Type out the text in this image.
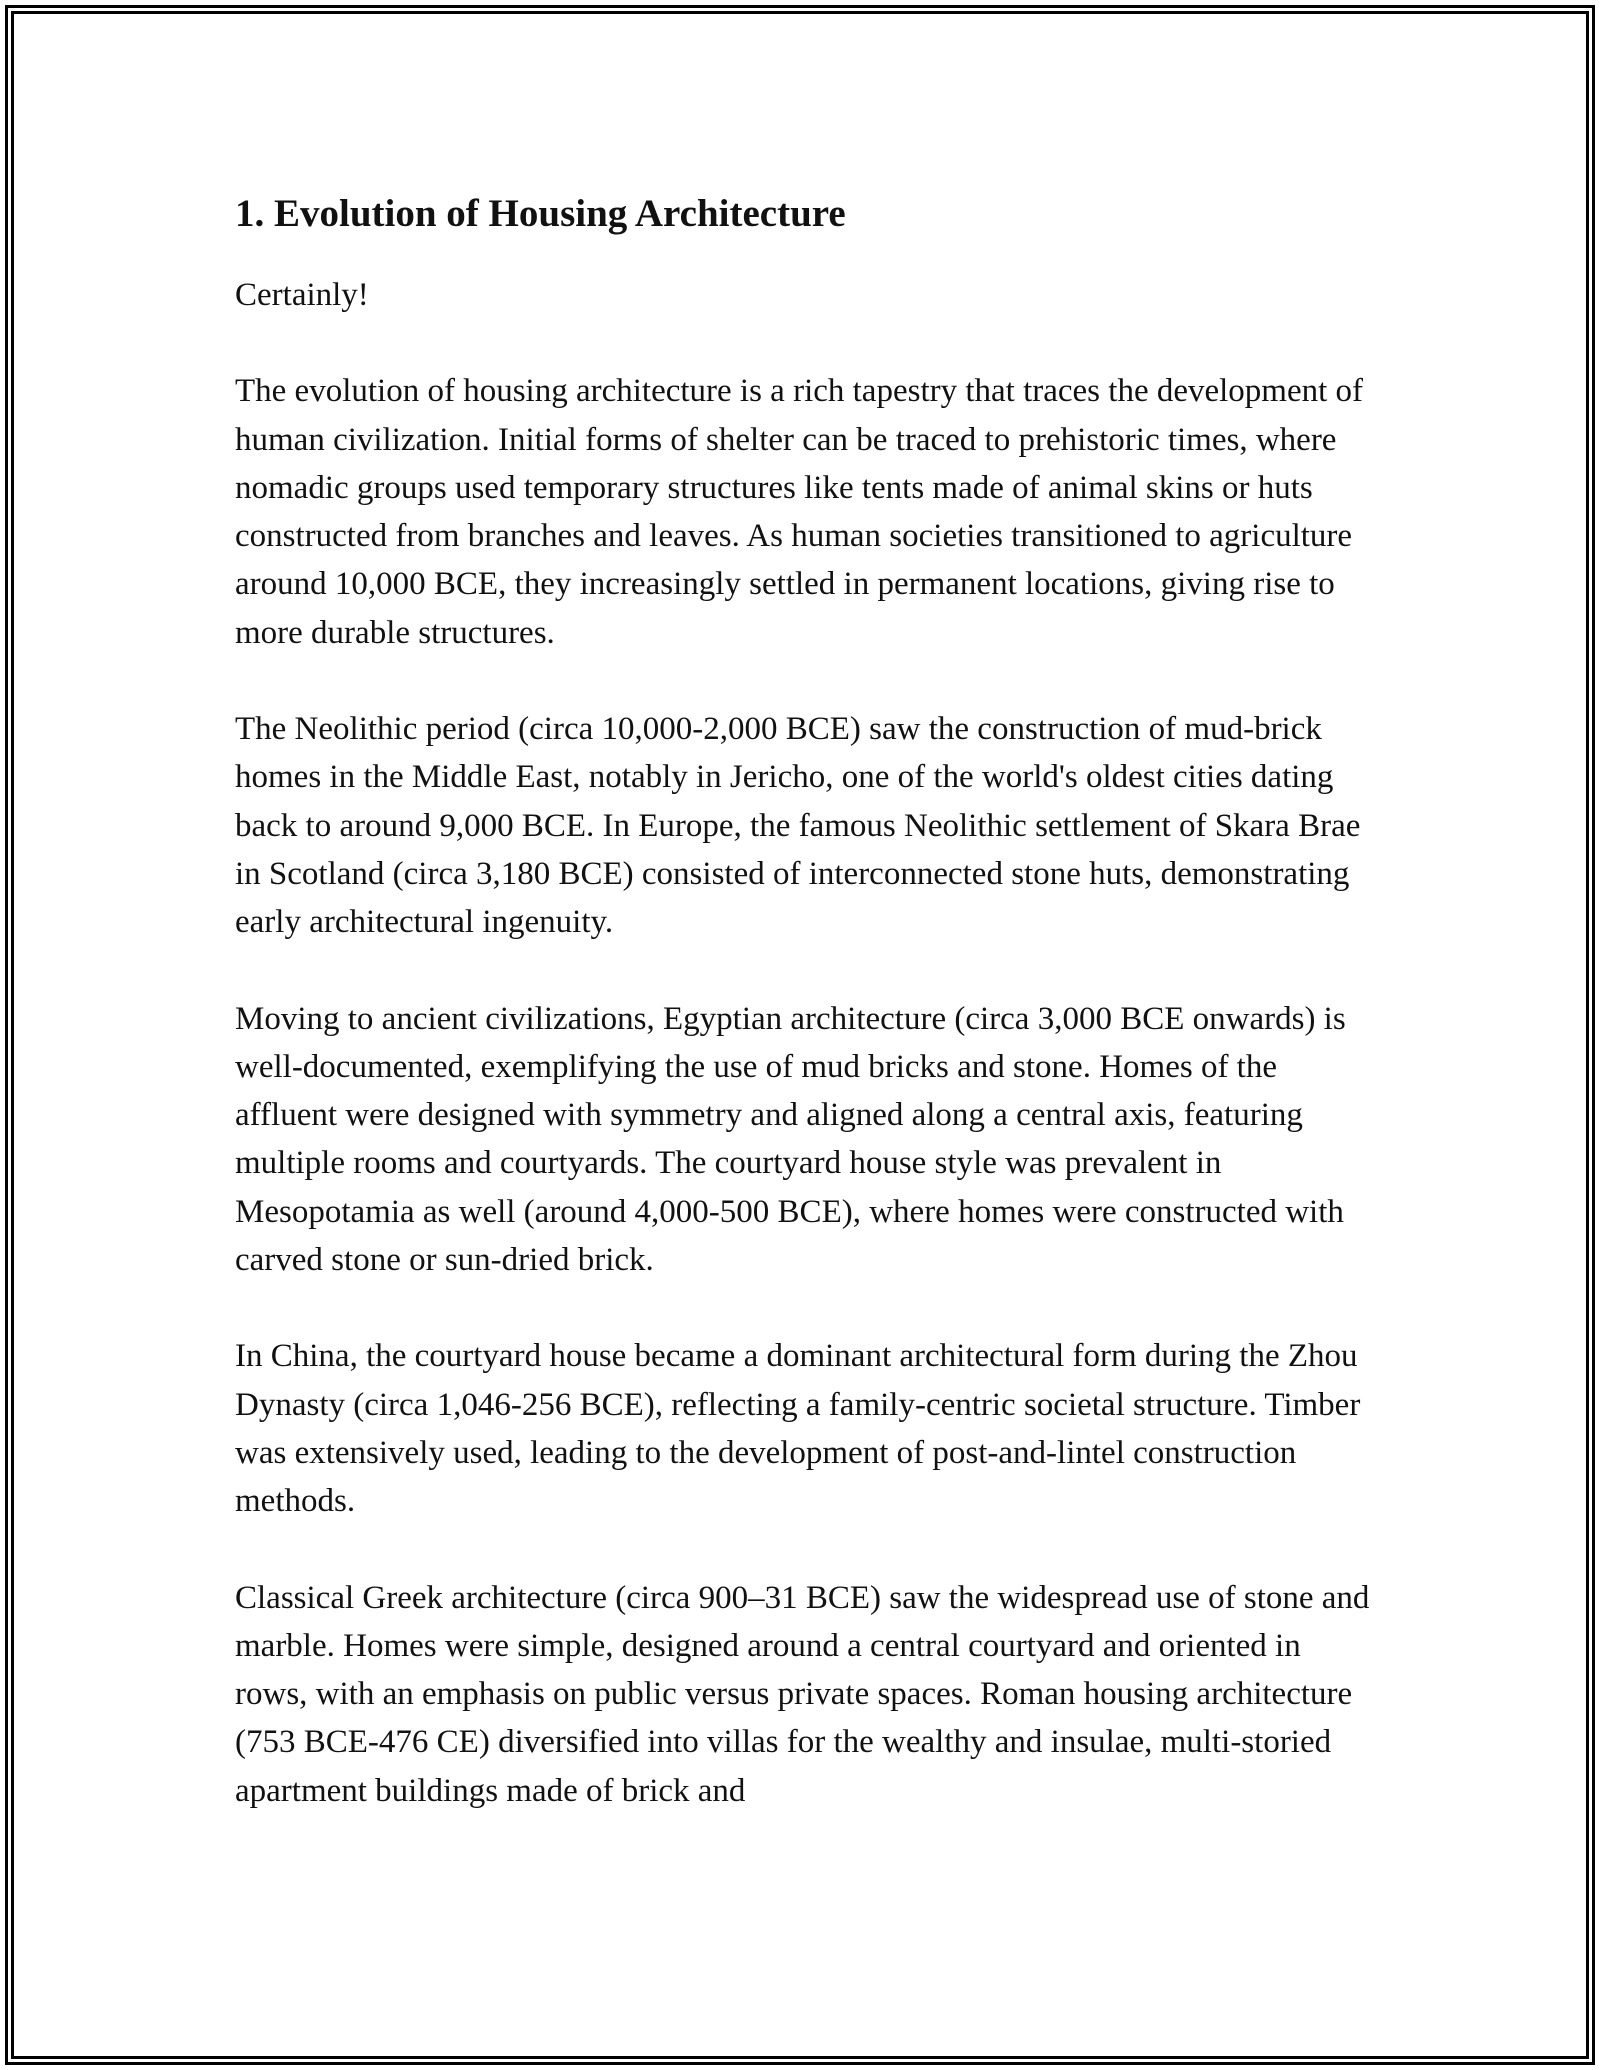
1. Evolution of Housing Architecture

Certainly!

The evolution of housing architecture is a rich tapestry that traces the development of human civilization. Initial forms of shelter can be traced to prehistoric times, where nomadic groups used temporary structures like tents made of animal skins or huts constructed from branches and leaves. As human societies transitioned to agriculture around 10,000 BCE, they increasingly settled in permanent locations, giving rise to more durable structures.

The Neolithic period (circa 10,000-2,000 BCE) saw the construction of mud-brick homes in the Middle East, notably in Jericho, one of the world's oldest cities dating back to around 9,000 BCE. In Europe, the famous Neolithic settlement of Skara Brae in Scotland (circa 3,180 BCE) consisted of interconnected stone huts, demonstrating early architectural ingenuity.

Moving to ancient civilizations, Egyptian architecture (circa 3,000 BCE onwards) is well-documented, exemplifying the use of mud bricks and stone. Homes of the affluent were designed with symmetry and aligned along a central axis, featuring multiple rooms and courtyards. The courtyard house style was prevalent in Mesopotamia as well (around 4,000-500 BCE), where homes were constructed with carved stone or sun-dried brick.

In China, the courtyard house became a dominant architectural form during the Zhou Dynasty (circa 1,046-256 BCE), reflecting a family-centric societal structure. Timber was extensively used, leading to the development of post-and-lintel construction methods.

Classical Greek architecture (circa 900–31 BCE) saw the widespread use of stone and marble. Homes were simple, designed around a central courtyard and oriented in rows, with an emphasis on public versus private spaces. Roman housing architecture (753 BCE-476 CE) diversified into villas for the wealthy and insulae, multi-storied apartment buildings made of brick and
